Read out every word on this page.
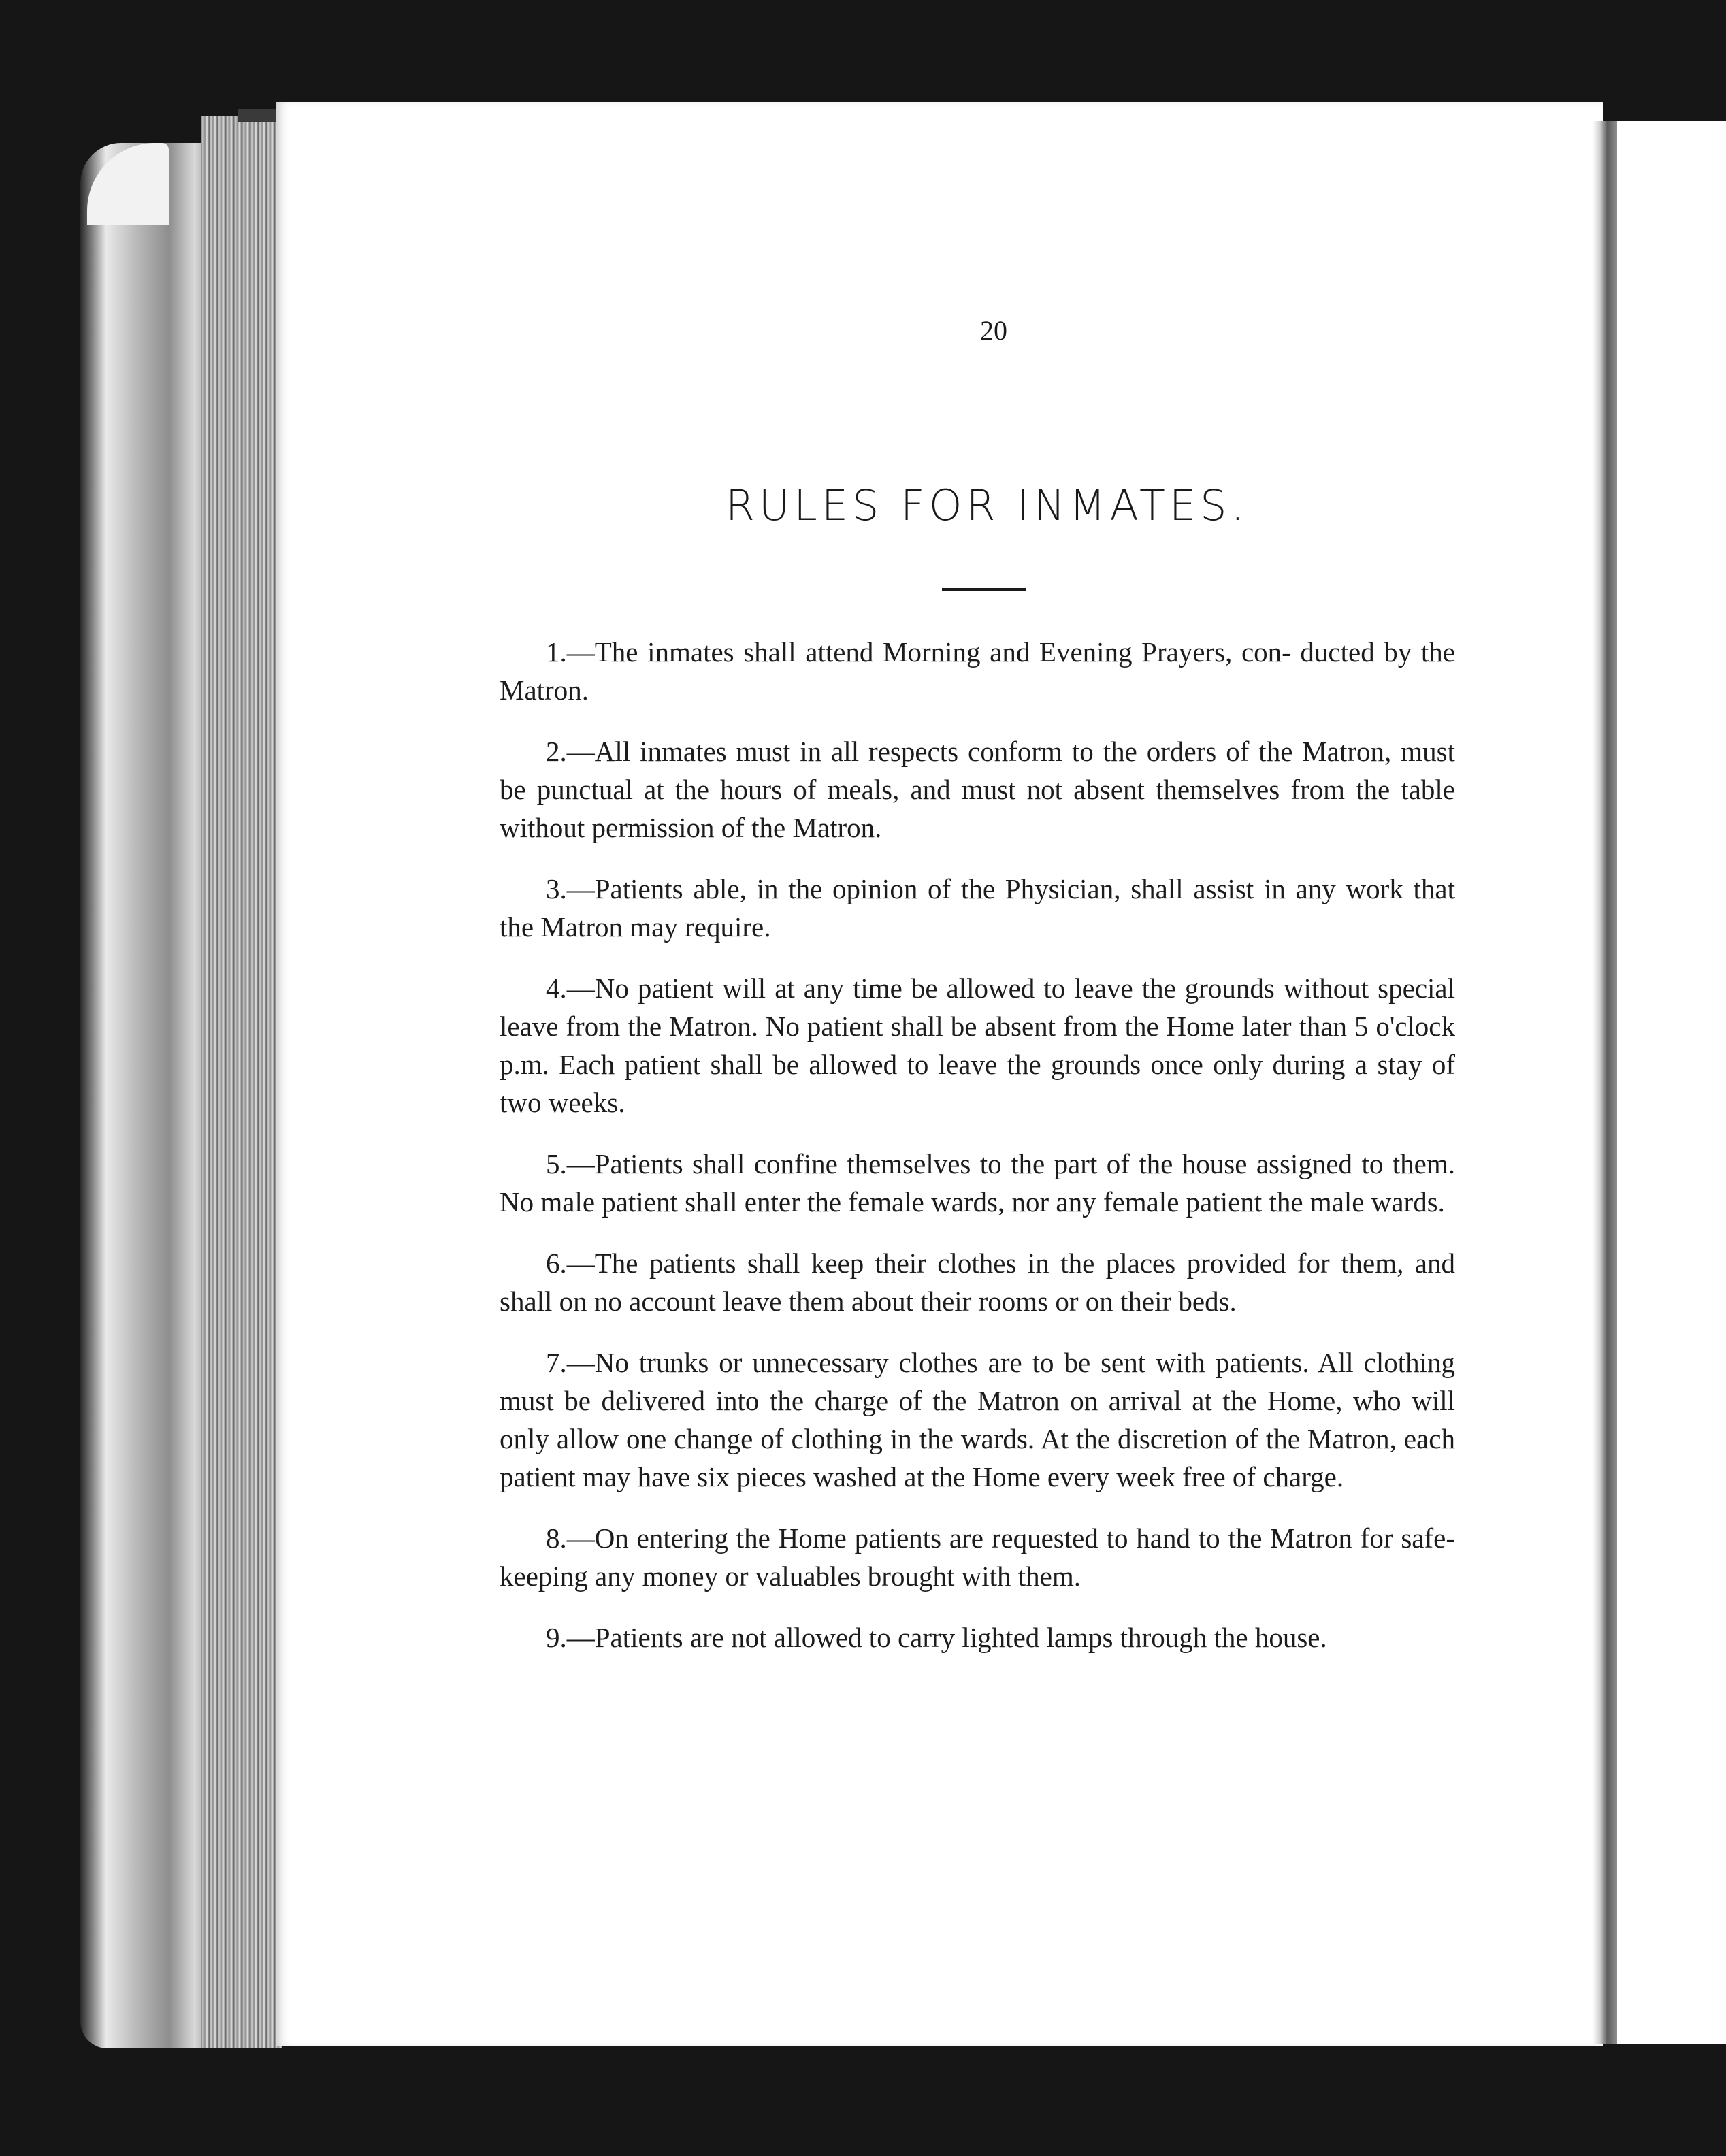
20
RULES FOR INMATES.

1.—The inmates shall attend Morning and Evening Prayers, con- ducted by the Matron.

2.—All inmates must in all respects conform to the orders of the Matron, must be punctual at the hours of meals, and must not absent themselves from the table without permission of the Matron.

3.—Patients able, in the opinion of the Physician, shall assist in any work that the Matron may require.

4.—No patient will at any time be allowed to leave the grounds without special leave from the Matron. No patient shall be absent from the Home later than 5 o'clock p.m. Each patient shall be allowed to leave the grounds once only during a stay of two weeks.

5.—Patients shall confine themselves to the part of the house assigned to them. No male patient shall enter the female wards, nor any female patient the male wards.

6.—The patients shall keep their clothes in the places provided for them, and shall on no account leave them about their rooms or on their beds.

7.—No trunks or unnecessary clothes are to be sent with patients. All clothing must be delivered into the charge of the Matron on arrival at the Home, who will only allow one change of clothing in the wards. At the discretion of the Matron, each patient may have six pieces washed at the Home every week free of charge.

8.—On entering the Home patients are requested to hand to the Matron for safe-keeping any money or valuables brought with them.

9.—Patients are not allowed to carry lighted lamps through the house.
